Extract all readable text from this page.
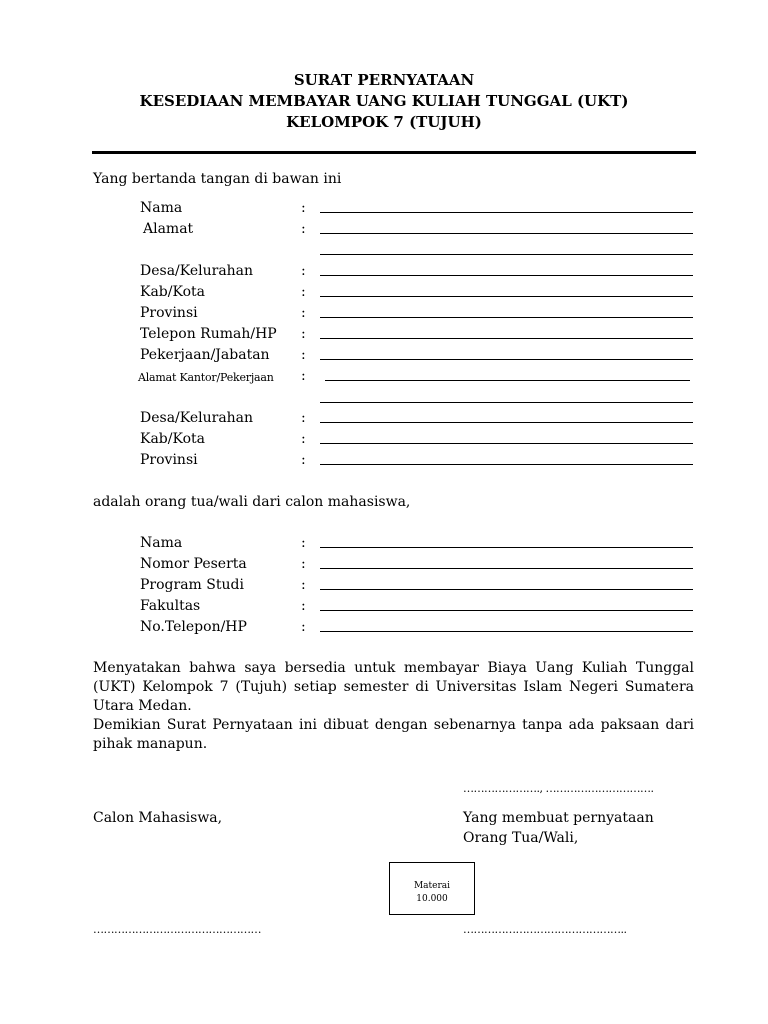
SURAT PERNYATAAN
KESEDIAAN MEMBAYAR UANG KULIAH TUNGGAL (UKT)
KELOMPOK 7 (TUJUH)
Yang bertanda tangan di bawan ini
Nama	:
Alamat	:
Desa/Kelurahan	:
Kab/Kota	:
Provinsi	:
Telepon Rumah/HP :
Pekerjaan/Jabatan :
Alamat Kantor/Pekerjaan :
Desa/Kelurahan	:
Kab/Kota	:
Provinsi	:
adalah orang tua/wali dari calon mahasiswa,
Nama	:
Nomor Peserta	:
Program Studi	:
Fakultas	:
No.Telepon/HP	:
Menyatakan bahwa saya bersedia untuk membayar Biaya Uang Kuliah Tunggal (UKT) Kelompok 7 (Tujuh) setiap semester di Universitas Islam Negeri Sumatera Utara Medan.
Demikian Surat Pernyataan ini dibuat dengan sebenarnya tanpa ada paksaan dari pihak manapun.
…………………., ………………………….
Calon Mahasiswa,	Yang membuat pernyataan
Orang Tua/Wali,
Materai
10.000
…………………………………………	………………………………………..
